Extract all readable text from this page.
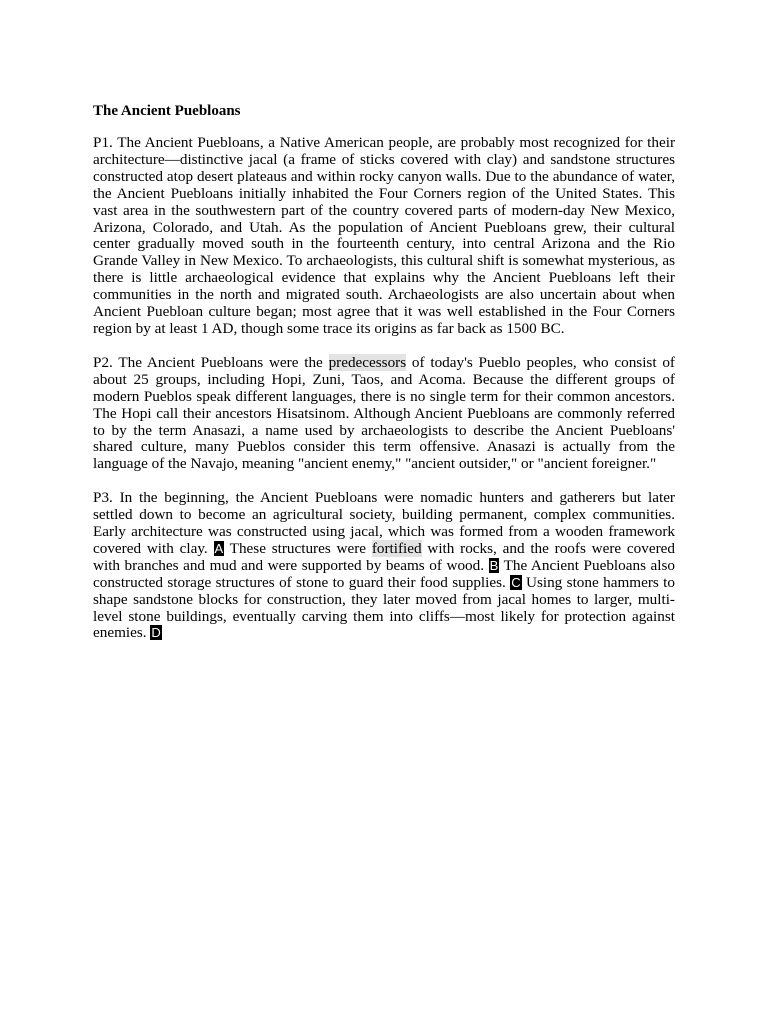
The Ancient Puebloans

P1. The Ancient Puebloans, a Native American people, are probably most recognized for their architecture—distinctive jacal (a frame of sticks covered with clay) and sandstone structures constructed atop desert plateaus and within rocky canyon walls. Due to the abundance of water, the Ancient Puebloans initially inhabited the Four Corners region of the United States. This vast area in the southwestern part of the country covered parts of modern-day New Mexico, Arizona, Colorado, and Utah. As the population of Ancient Puebloans grew, their cultural center gradually moved south in the fourteenth century, into central Arizona and the Rio Grande Valley in New Mexico. To archaeologists, this cultural shift is somewhat mysterious, as there is little archaeological evidence that explains why the Ancient Puebloans left their communities in the north and migrated south. Archaeologists are also uncertain about when Ancient Puebloan culture began; most agree that it was well established in the Four Corners region by at least 1 AD, though some trace its origins as far back as 1500 BC.

P2. The Ancient Puebloans were the predecessors of today's Pueblo peoples, who consist of about 25 groups, including Hopi, Zuni, Taos, and Acoma. Because the different groups of modern Pueblos speak different languages, there is no single term for their common ancestors. The Hopi call their ancestors Hisatsinom. Although Ancient Puebloans are commonly referred to by the term Anasazi, a name used by archaeologists to describe the Ancient Puebloans' shared culture, many Pueblos consider this term offensive. Anasazi is actually from the language of the Navajo, meaning "ancient enemy," "ancient outsider," or "ancient foreigner."

P3. In the beginning, the Ancient Puebloans were nomadic hunters and gatherers but later settled down to become an agricultural society, building permanent, complex communities. Early architecture was constructed using jacal, which was formed from a wooden framework covered with clay. A These structures were fortified with rocks, and the roofs were covered with branches and mud and were supported by beams of wood. B The Ancient Puebloans also constructed storage structures of stone to guard their food supplies. C Using stone hammers to shape sandstone blocks for construction, they later moved from jacal homes to larger, multi-level stone buildings, eventually carving them into cliffs—most likely for protection against enemies. D
